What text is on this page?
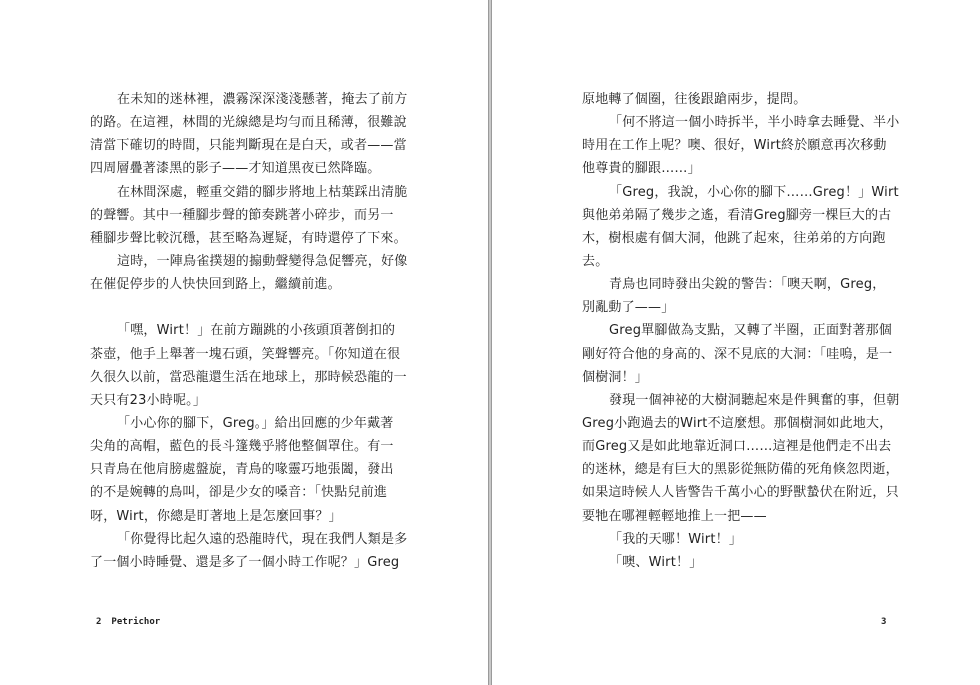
在未知的迷林裡，濃霧深深淺淺懸著，掩去了前方
的路。在這裡，林間的光線總是均勻而且稀薄，很難說
清當下確切的時間，只能判斷現在是白天，或者——當
四周層疊著漆黑的影子——才知道黑夜已然降臨。
在林間深處，輕重交錯的腳步將地上枯葉踩出清脆
的聲響。其中一種腳步聲的節奏跳著小碎步，而另一
種腳步聲比較沉穩，甚至略為遲疑，有時還停了下來。
這時，一陣鳥雀撲翅的搧動聲變得急促響亮，好像
在催促停步的人快快回到路上，繼續前進。
「嘿，Wirt！」在前方蹦跳的小孩頭頂著倒扣的
茶壺，他手上舉著一塊石頭，笑聲響亮。「你知道在很
久很久以前，當恐龍還生活在地球上，那時候恐龍的一
天只有23小時呢。」
「小心你的腳下，Greg。」給出回應的少年戴著
尖角的高帽，藍色的長斗篷幾乎將他整個罩住。有一
只青鳥在他肩膀處盤旋，青鳥的喙靈巧地張闔，發出
的不是婉轉的鳥叫，卻是少女的嗓音：「快點兒前進
呀，Wirt，你總是盯著地上是怎麼回事？」
「你覺得比起久遠的恐龍時代，現在我們人類是多
了一個小時睡覺、還是多了一個小時工作呢？」Greg
2 Petrichor
原地轉了個圈，往後跟蹌兩步，提問。
「何不將這一個小時拆半，半小時拿去睡覺、半小
時用在工作上呢？噢、很好，Wirt終於願意再次移動
他尊貴的腳跟……」
「Greg，我說，小心你的腳下……Greg！」Wirt
與他弟弟隔了幾步之遙，看清Greg腳旁一棵巨大的古
木，樹根處有個大洞，他跳了起來，往弟弟的方向跑
去。
青鳥也同時發出尖銳的警告：「噢天啊，Greg，
別亂動了——」
Greg單腳做為支點，又轉了半圈，正面對著那個
剛好符合他的身高的、深不見底的大洞：「哇嗚，是一
個樹洞！」
發現一個神祕的大樹洞聽起來是件興奮的事，但朝
Greg小跑過去的Wirt不這麼想。那個樹洞如此地大，
而Greg又是如此地靠近洞口……這裡是他們走不出去
的迷林，總是有巨大的黑影從無防備的死角倏忽閃逝，
如果這時候人人皆警告千萬小心的野獸蟄伏在附近，只
要牠在哪裡輕輕地推上一把——
「我的天哪！Wirt！」
「噢、Wirt！」
3
